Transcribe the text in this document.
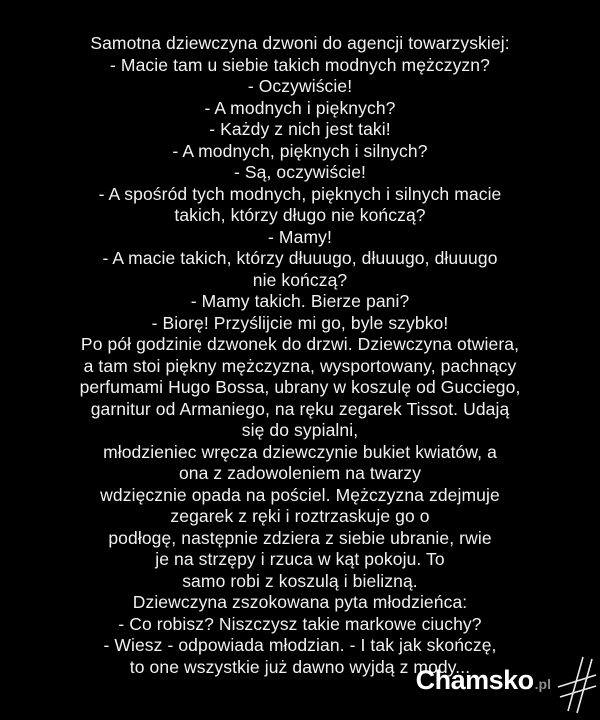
Samotna dziewczyna dzwoni do agencji towarzyskiej:
- Macie tam u siebie takich modnych mężczyzn?
- Oczywiście!
- A modnych i pięknych?
- Każdy z nich jest taki!
- A modnych, pięknych i silnych?
- Są, oczywiście!
- A spośród tych modnych, pięknych i silnych macie
takich, którzy długo nie kończą?
- Mamy!
- A macie takich, którzy dłuuugo, dłuuugo, dłuuugo
nie kończą?
- Mamy takich. Bierze pani?
- Biorę! Przyślijcie mi go, byle szybko!
Po pół godzinie dzwonek do drzwi. Dziewczyna otwiera,
a tam stoi piękny mężczyzna, wysportowany, pachnący
perfumami Hugo Bossa, ubrany w koszulę od Gucciego,
garnitur od Armaniego, na ręku zegarek Tissot. Udają
się do sypialni,
młodzieniec wręcza dziewczynie bukiet kwiatów, a
ona z zadowoleniem na twarzy
wdzięcznie opada na pościel. Mężczyzna zdejmuje
zegarek z ręki i roztrzaskuje go o
podłogę, następnie zdziera z siebie ubranie, rwie
je na strzępy i rzuca w kąt pokoju. To
samo robi z koszulą i bielizną.
Dziewczyna zszokowana pyta młodzieńca:
- Co robisz? Niszczysz takie markowe ciuchy?
- Wiesz - odpowiada młodzian. - I tak jak skończę,
to one wszystkie już dawno wyjdą z mody...
Chamsko .pl
